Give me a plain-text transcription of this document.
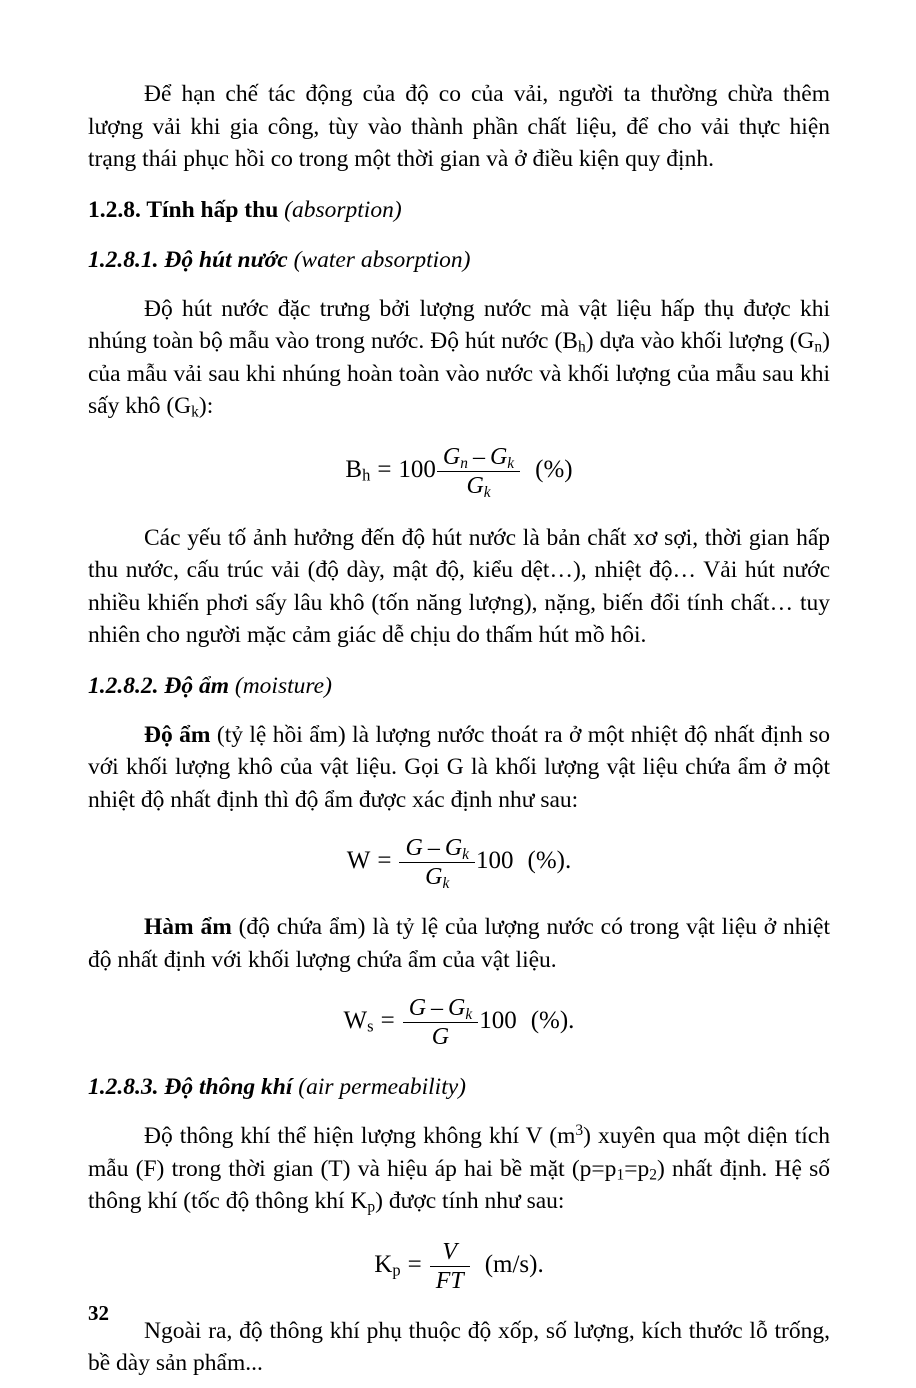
Để hạn chế tác động của độ co của vải, người ta thường chừa thêm lượng vải khi gia công, tùy vào thành phần chất liệu, để cho vải thực hiện trạng thái phục hồi co trong một thời gian và ở điều kiện quy định.

1.2.8. Tính hấp thu (absorption)

1.2.8.1. Độ hút nước (water absorption)

Độ hút nước đặc trưng bởi lượng nước mà vật liệu hấp thụ được khi nhúng toàn bộ mẫu vào trong nước. Độ hút nước $(B_h)$ dựa vào khối lượng $(G_n)$ của mẫu vải sau khi nhúng hoàn toàn vào nước và khối lượng của mẫu sau khi sấy khô $(G_k)$:

$B_h = 100 \frac{G_n - G_k}{G_k}$ (%)

Các yếu tố ảnh hưởng đến độ hút nước là bản chất xơ sợi, thời gian hấp thu nước, cấu trúc vải (độ dày, mật độ, kiểu dệt…), nhiệt độ… Vải hút nước nhiều khiến phơi sấy lâu khô (tốn năng lượng), nặng, biến đổi tính chất… tuy nhiên cho người mặc cảm giác dễ chịu do thấm hút mồ hôi.

1.2.8.2. Độ ẩm (moisture)

Độ ẩm (tỷ lệ hồi ẩm) là lượng nước thoát ra ở một nhiệt độ nhất định so với khối lượng khô của vật liệu. Gọi G là khối lượng vật liệu chứa ẩm ở một nhiệt độ nhất định thì độ ẩm được xác định như sau:

$W = \frac{G - G_k}{G_k} 100$ (%).

Hàm ẩm (độ chứa ẩm) là tỷ lệ của lượng nước có trong vật liệu ở nhiệt độ nhất định với khối lượng chứa ẩm của vật liệu.

$W_s = \frac{G - G_k}{G} 100$ (%).

1.2.8.3. Độ thông khí (air permeability)

Độ thông khí thể hiện lượng không khí V $(m^3)$ xuyên qua một diện tích mẫu (F) trong thời gian (T) và hiệu áp hai bề mặt $(p=p_1=p_2)$ nhất định. Hệ số thông khí (tốc độ thông khí $K_p$) được tính như sau:

$K_p = \frac{V}{FT} (m/s)$.

Ngoài ra, độ thông khí phụ thuộc độ xốp, số lượng, kích thước lỗ trống, bề dày sản phẩm...

32
